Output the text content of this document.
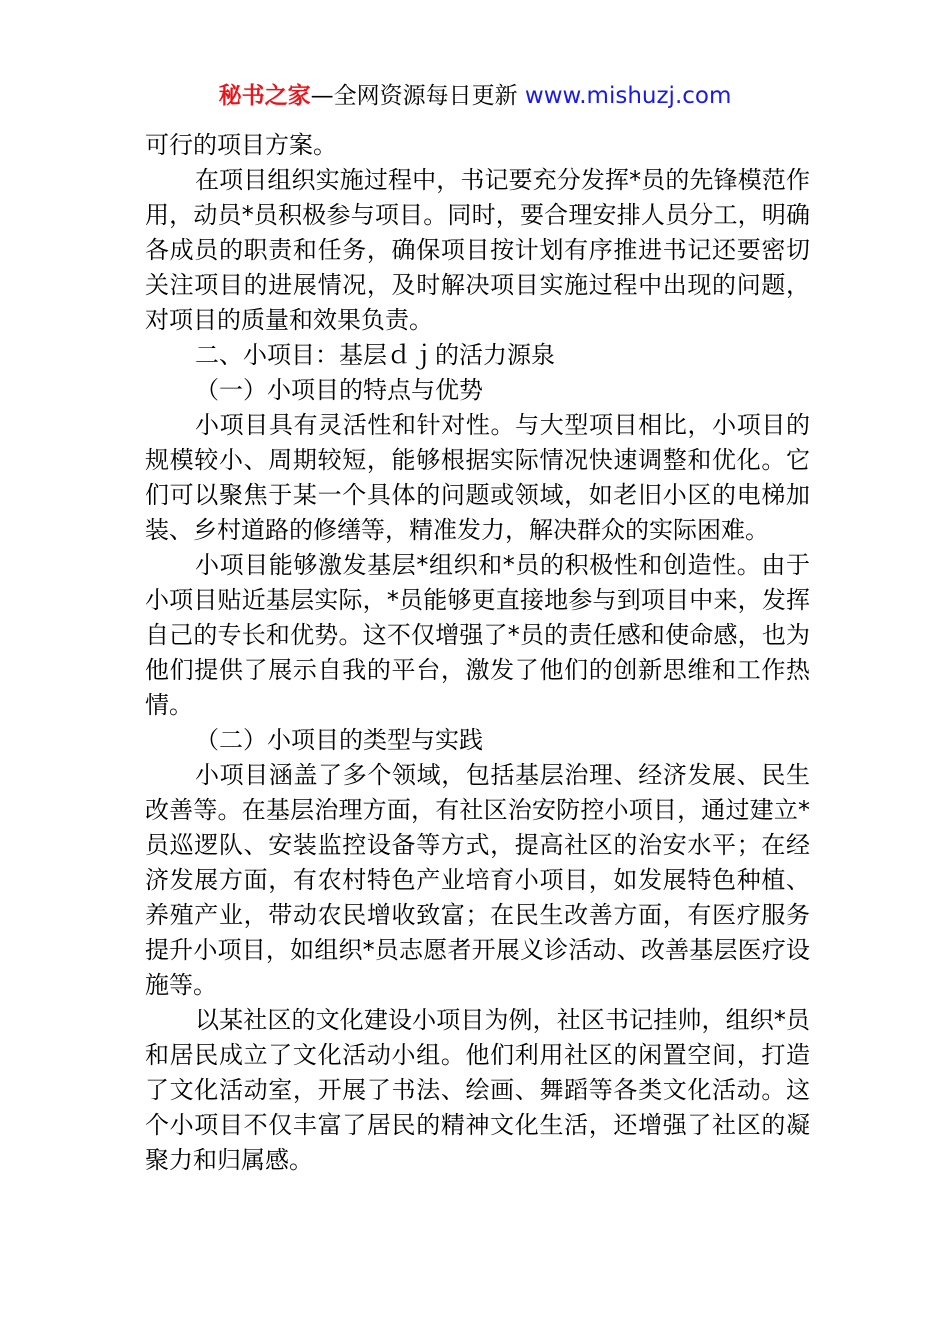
秘书之家—全网资源每日更新 www.mishuzj.com

可行的项目方案。

在项目组织实施过程中，书记要充分发挥*员的先锋模范作用，动员*员积极参与项目。同时，要合理安排人员分工，明确各成员的职责和任务，确保项目按计划有序推进书记还要密切关注项目的进展情况，及时解决项目实施过程中出现的问题，对项目的质量和效果负责。

二、小项目：基层ｄｊ的活力源泉

（一）小项目的特点与优势

小项目具有灵活性和针对性。与大型项目相比，小项目的规模较小、周期较短，能够根据实际情况快速调整和优化。它们可以聚焦于某一个具体的问题或领域，如老旧小区的电梯加装、乡村道路的修缮等，精准发力，解决群众的实际困难。

小项目能够激发基层*组织和*员的积极性和创造性。由于小项目贴近基层实际，*员能够更直接地参与到项目中来，发挥自己的专长和优势。这不仅增强了*员的责任感和使命感，也为他们提供了展示自我的平台，激发了他们的创新思维和工作热情。

（二）小项目的类型与实践

小项目涵盖了多个领域，包括基层治理、经济发展、民生改善等。在基层治理方面，有社区治安防控小项目，通过建立*员巡逻队、安装监控设备等方式，提高社区的治安水平；在经济发展方面，有农村特色产业培育小项目，如发展特色种植、养殖产业，带动农民增收致富；在民生改善方面，有医疗服务提升小项目，如组织*员志愿者开展义诊活动、改善基层医疗设施等。

以某社区的文化建设小项目为例，社区书记挂帅，组织*员和居民成立了文化活动小组。他们利用社区的闲置空间，打造了文化活动室，开展了书法、绘画、舞蹈等各类文化活动。这个小项目不仅丰富了居民的精神文化生活，还增强了社区的凝聚力和归属感。
